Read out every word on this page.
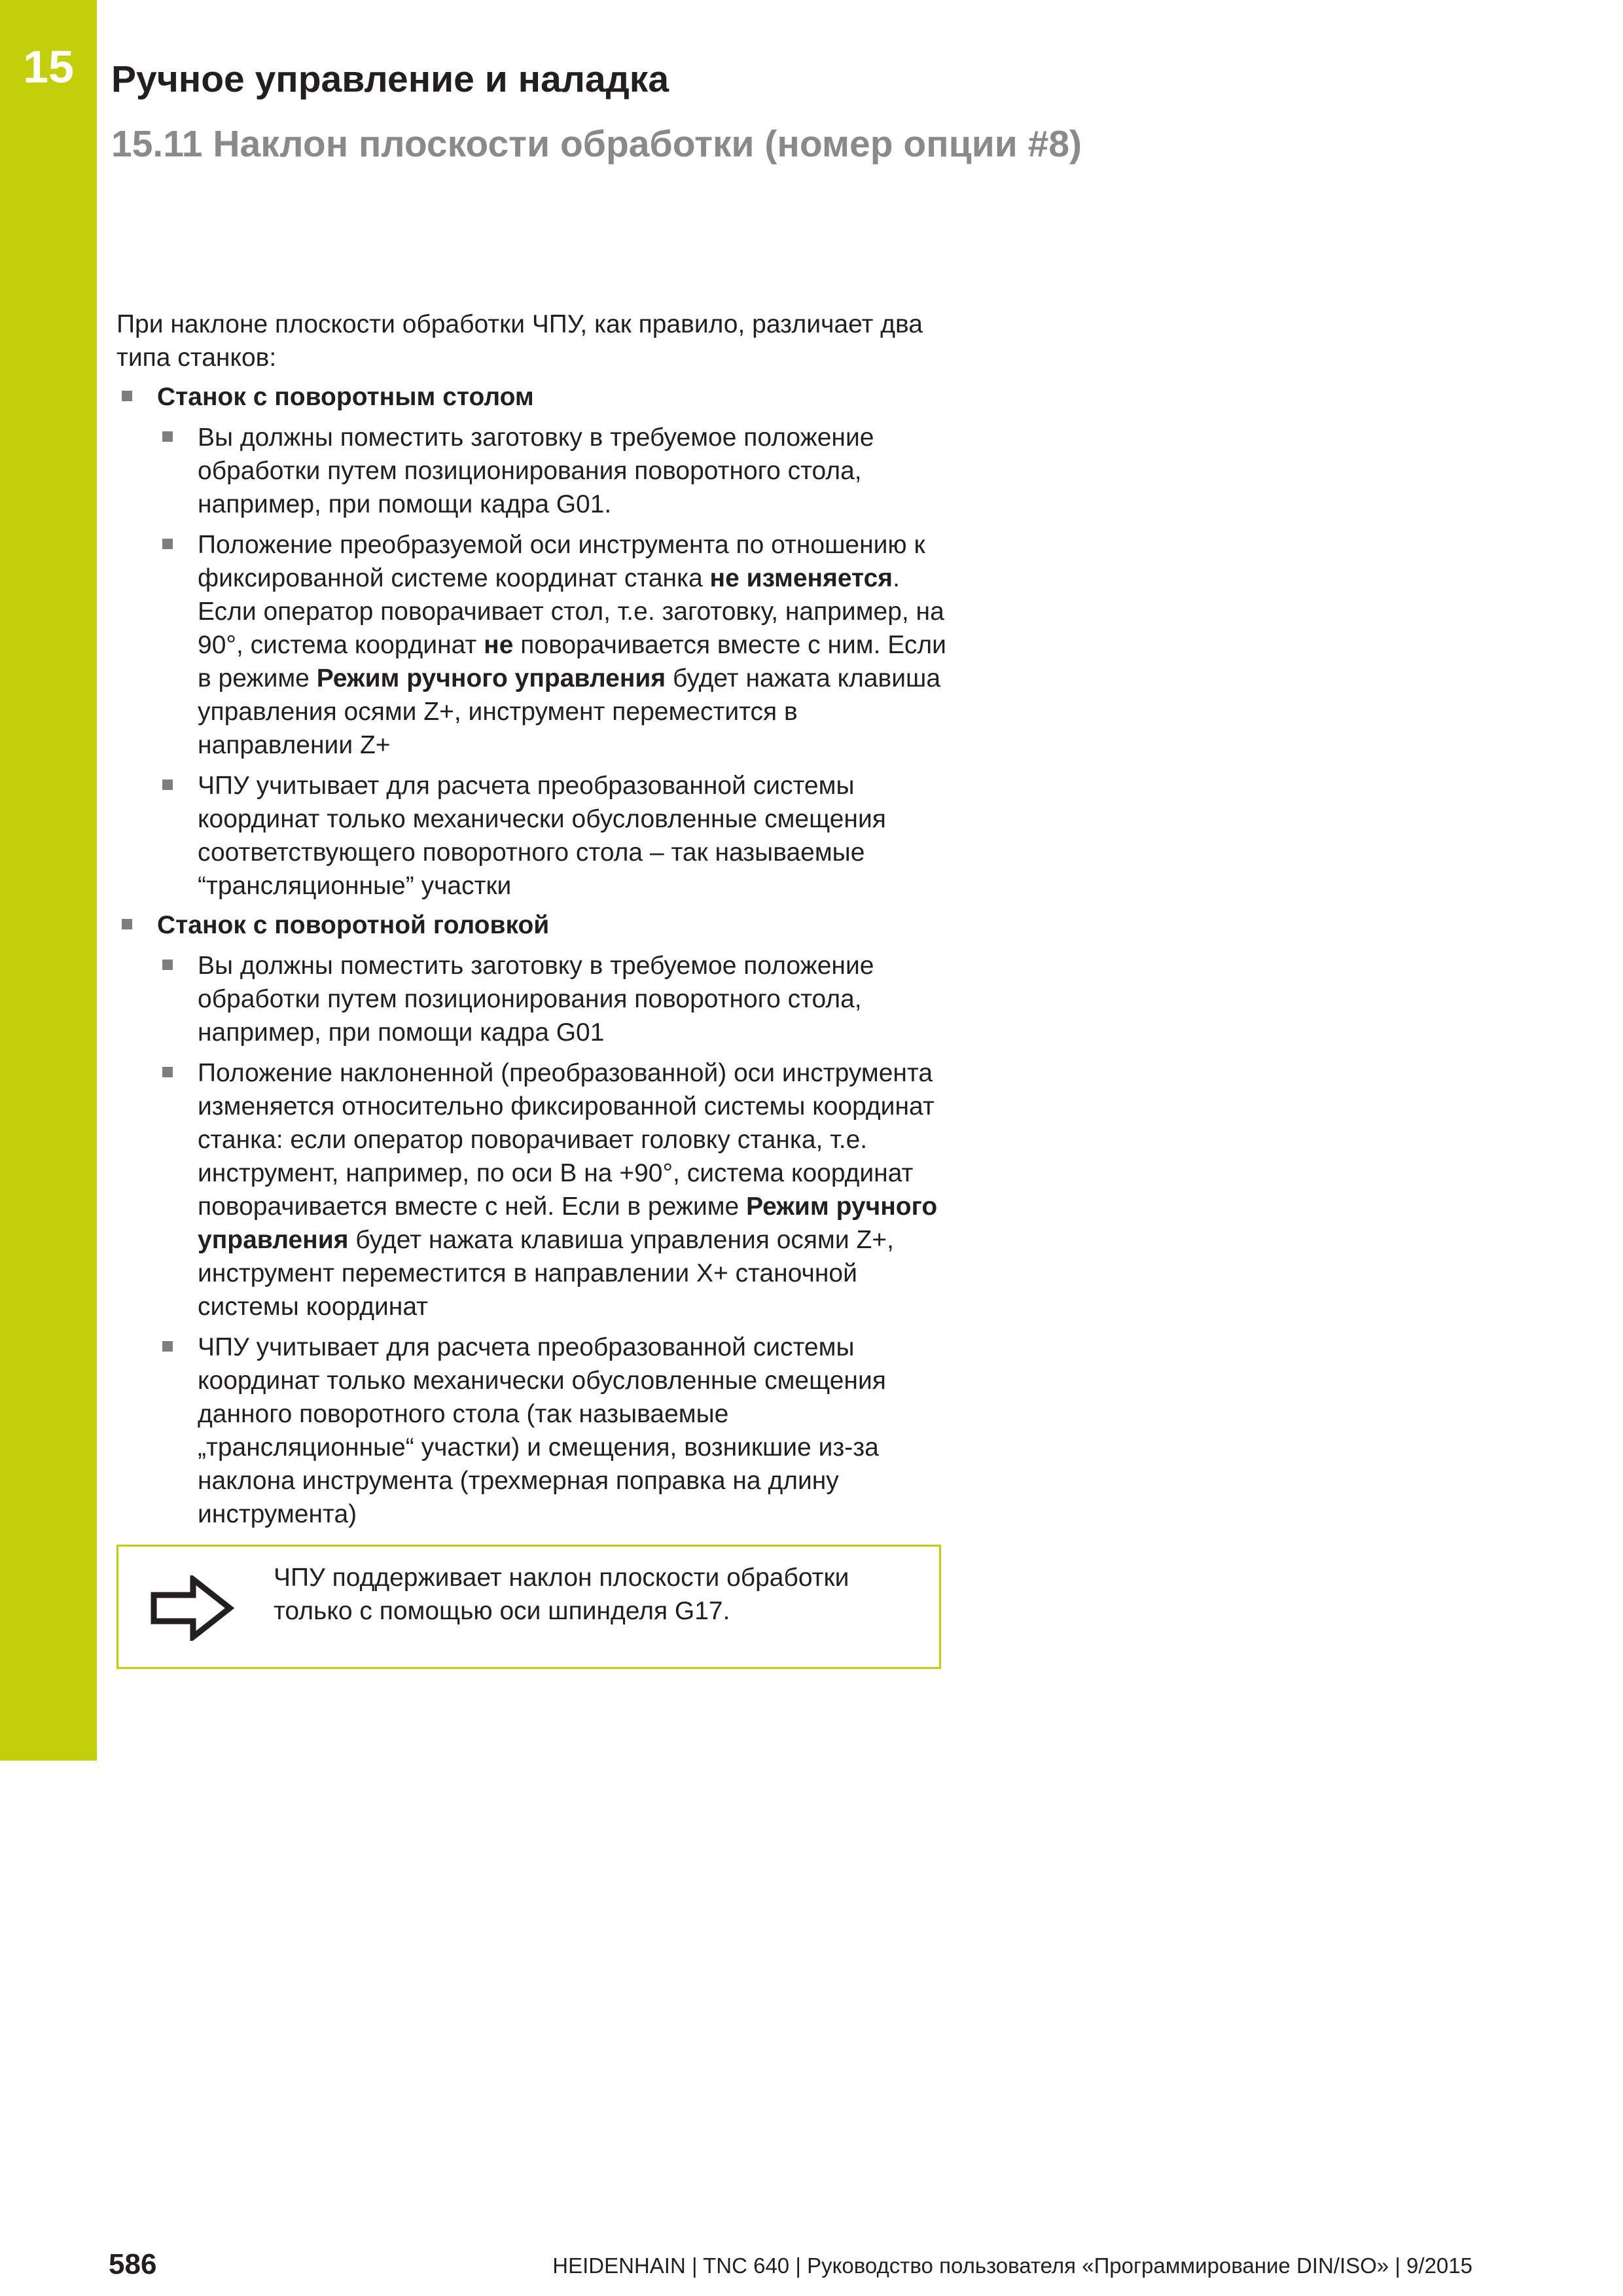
15	Ручное управление и наладка
15.11 Наклон плоскости обработки (номер опции #8)

При наклоне плоскости обработки ЧПУ, как правило, различает два типа станков:

Станок с поворотным столом
Вы должны поместить заготовку в требуемое положение обработки путем позиционирования поворотного стола, например, при помощи кадра G01.
Положение преобразуемой оси инструмента по отношению к фиксированной системе координат станка не изменяется. Если оператор поворачивает стол, т.е. заготовку, например, на 90°, система координат не поворачивается вместе с ним. Если в режиме Режим ручного управления будет нажата клавиша управления осями Z+, инструмент переместится в направлении Z+
ЧПУ учитывает для расчета преобразованной системы координат только механически обусловленные смещения соответствующего поворотного стола – так называемые “трансляционные” участки
Станок с поворотной головкой
Вы должны поместить заготовку в требуемое положение обработки путем позиционирования поворотного стола, например, при помощи кадра G01
Положение наклоненной (преобразованной) оси инструмента изменяется относительно фиксированной системы координат станка: если оператор поворачивает головку станка, т.е. инструмент, например, по оси B на +90°, система координат поворачивается вместе с ней. Если в режиме Режим ручного управления будет нажата клавиша управления осями Z+, инструмент переместится в направлении X+ станочной системы координат
ЧПУ учитывает для расчета преобразованной системы координат только механически обусловленные смещения данного поворотного стола (так называемые „трансляционные“ участки) и смещения, возникшие из-за наклона инструмента (трехмерная поправка на длину инструмента)
ЧПУ поддерживает наклон плоскости обработки только с помощью оси шпинделя G17.
586	HEIDENHAIN | TNC 640 | Руководство пользователя «Программирование DIN/ISO» | 9/2015
